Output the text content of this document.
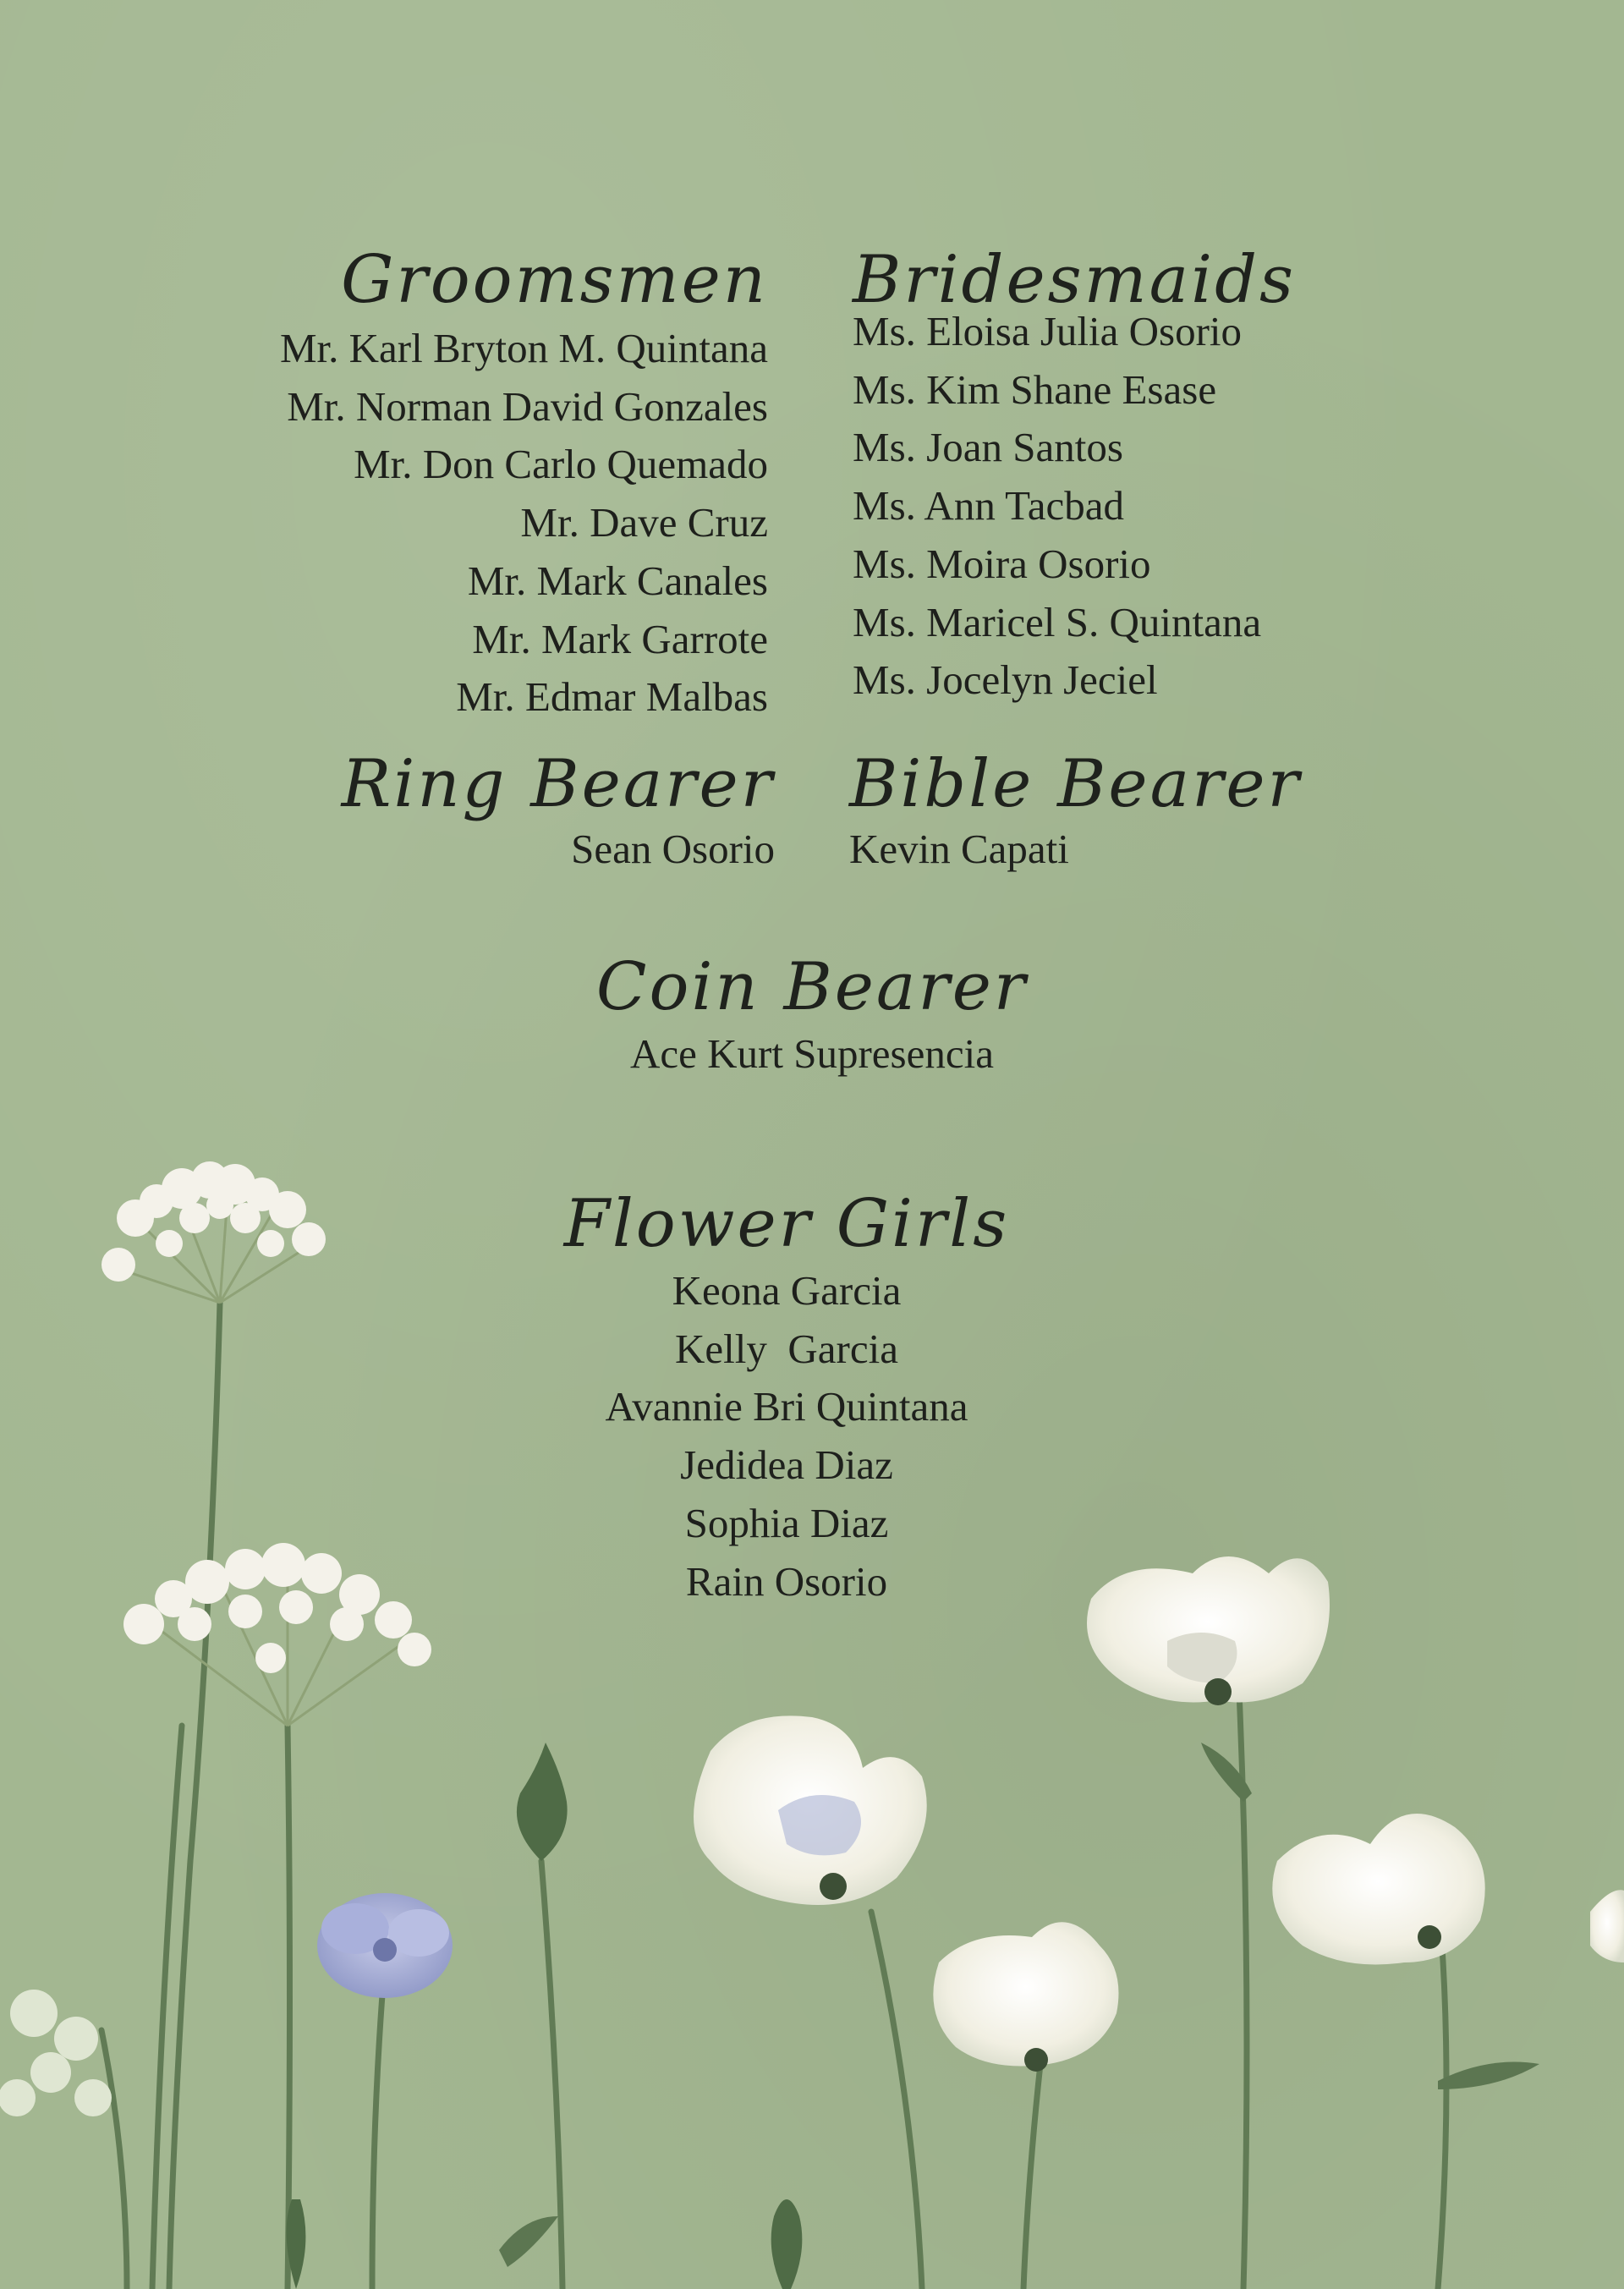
Groomsmen
Mr. Karl Bryton M. Quintana
Mr. Norman David Gonzales
Mr. Don Carlo Quemado
Mr. Dave Cruz
Mr. Mark Canales
Mr. Mark Garrote
Mr. Edmar Malbas
Bridesmaids
Ms. Eloisa Julia Osorio
Ms. Kim Shane Esase
Ms. Joan Santos
Ms. Ann Tacbad
Ms. Moira Osorio
Ms. Maricel S. Quintana
Ms. Jocelyn Jeciel
Ring Bearer
Sean Osorio
Bible Bearer
Kevin Capati
Coin Bearer
Ace Kurt Supresencia
Flower Girls
Keona Garcia
Kelly  Garcia
Avannie Bri Quintana
Jedidea Diaz
Sophia Diaz
Rain Osorio
